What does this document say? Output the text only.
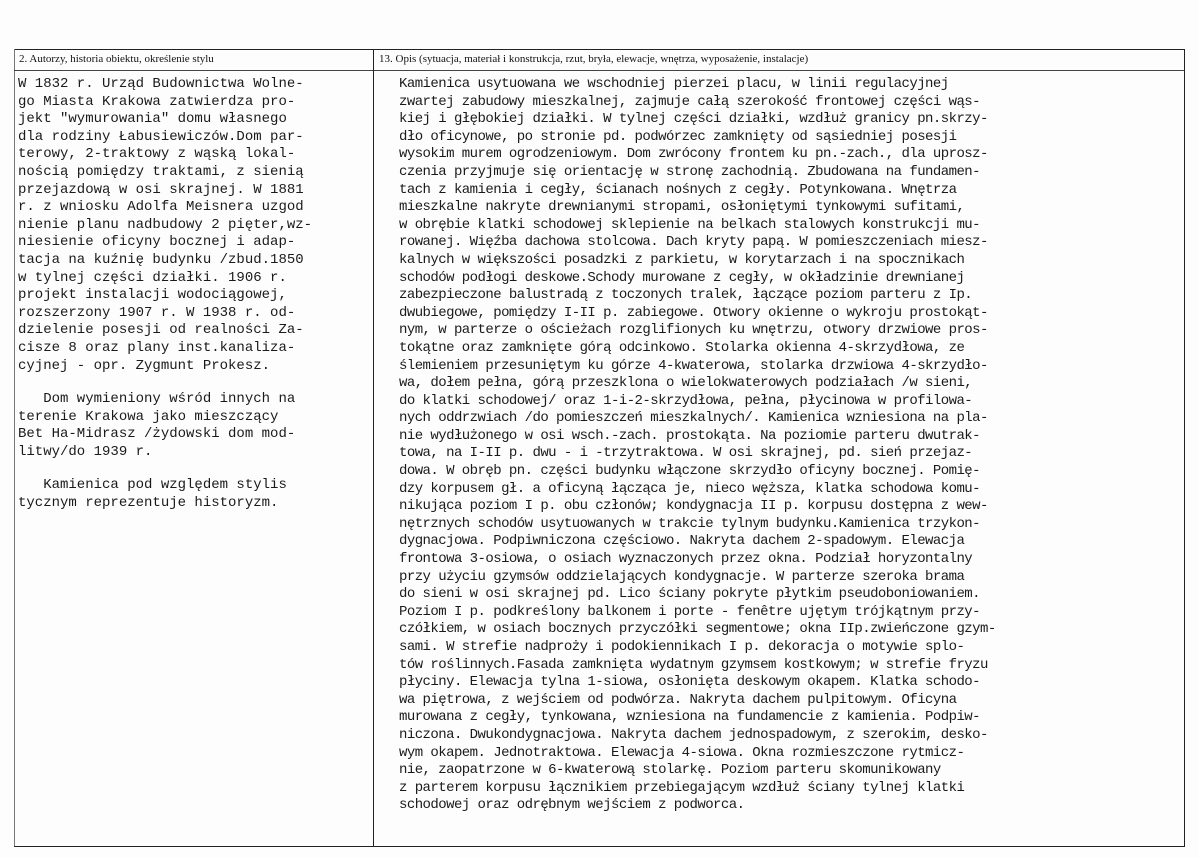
2. Autorzy, historia obiektu, określenie stylu	13. Opis (sytuacja, materiał i konstrukcja, rzut, bryła, elewacje, wnętrza, wyposażenie, instalacje)
W 1832 r. Urząd Budownictwa Wolne-
go Miasta Krakowa zatwierdza pro-
jekt "wymurowania" domu własnego
dla rodziny Łabusiewiczów.Dom par-
terowy, 2-traktowy z wąską lokal-
nością pomiędzy traktami, z sienią
przejazdową w osi skrajnej. W 1881
r. z wniosku Adolfa Meisnera uzgod
nienie planu nadbudowy 2 pięter,wz-
niesienie oficyny bocznej i adap-
tacja na kuźnię budynku /zbud.1850
w tylnej części działki. 1906 r.
projekt instalacji wodociągowej,
rozszerzony 1907 r. W 1938 r. od-
dzielenie posesji od realności Za-
cisze 8 oraz plany inst.kanaliza-
cyjnej - opr. Zygmunt Prokesz.
Dom wymieniony wśród innych na
terenie Krakowa jako mieszczący
Bet Ha-Midrasz /żydowski dom mod-
litwy/do 1939 r.
Kamienica pod względem stylis
tycznym reprezentuje historyzm.
Kamienica usytuowana we wschodniej pierzei placu, w linii regulacyjnej
zwartej zabudowy mieszkalnej, zajmuje całą szerokość frontowej części wąs-
kiej i głębokiej działki. W tylnej części działki, wzdłuż granicy pn.skrzy-
dło oficynowe, po stronie pd. podwórzec zamknięty od sąsiedniej posesji
wysokim murem ogrodzeniowym. Dom zwrócony frontem ku pn.-zach., dla uprosz-
czenia przyjmuje się orientację w stronę zachodnią. Zbudowana na fundamen-
tach z kamienia i cegły, ścianach nośnych z cegły. Potynkowana. Wnętrza
mieszkalne nakryte drewnianymi stropami, osłoniętymi tynkowymi sufitami,
w obrębie klatki schodowej sklepienie na belkach stalowych konstrukcji mu-
rowanej. Więźba dachowa stolcowa. Dach kryty papą. W pomieszczeniach miesz-
kalnych w większości posadzki z parkietu, w korytarzach i na spocznikach
schodów podłogi deskowe.Schody murowane z cegły, w okładzinie drewnianej
zabezpieczone balustradą z toczonych tralek, łączące poziom parteru z Ip.
dwubiegowe, pomiędzy I-II p. zabiegowe. Otwory okienne o wykroju prostokąt-
nym, w parterze o ościeżach rozglifionych ku wnętrzu, otwory drzwiowe pros-
tokątne oraz zamknięte górą odcinkowo. Stolarka okienna 4-skrzydłowa, ze
ślemieniem przesuniętym ku górze 4-kwaterowa, stolarka drzwiowa 4-skrzydło-
wa, dołem pełna, górą przeszklona o wielokwaterowych podziałach /w sieni,
do klatki schodowej/ oraz 1-i-2-skrzydłowa, pełna, płycinowa w profilowa-
nych oddrzwiach /do pomieszczeń mieszkalnych/. Kamienica wzniesiona na pla-
nie wydłużonego w osi wsch.-zach. prostokąta. Na poziomie parteru dwutrak-
towa, na I-II p. dwu - i -trzytraktowa. W osi skrajnej, pd. sień przejaz-
dowa. W obręb pn. części budynku włączone skrzydło oficyny bocznej. Pomię-
dzy korpusem gł. a oficyną łącząca je, nieco węższa, klatka schodowa komu-
nikująca poziom I p. obu członów; kondygnacja II p. korpusu dostępna z wew-
nętrznych schodów usytuowanych w trakcie tylnym budynku.Kamienica trzykon-
dygnacjowa. Podpiwniczona częściowo. Nakryta dachem 2-spadowym. Elewacja
frontowa 3-osiowa, o osiach wyznaczonych przez okna. Podział horyzontalny
przy użyciu gzymsów oddzielających kondygnacje. W parterze szeroka brama
do sieni w osi skrajnej pd. Lico ściany pokryte płytkim pseudoboniowaniem.
Poziom I p. podkreślony balkonem i porte - fenêtre ujętym trójkątnym przy-
czółkiem, w osiach bocznych przyczółki segmentowe; okna IIp.zwieńczone gzym-
sami. W strefie nadproży i podokiennikach I p. dekoracja o motywie splo-
tów roślinnych.Fasada zamknięta wydatnym gzymsem kostkowym; w strefie fryzu
płyciny. Elewacja tylna 1-siowa, osłonięta deskowym okapem. Klatka schodo-
wa piętrowa, z wejściem od podwórza. Nakryta dachem pulpitowym. Oficyna
murowana z cegły, tynkowana, wzniesiona na fundamencie z kamienia. Podpiw-
niczona. Dwukondygnacjowa. Nakryta dachem jednospadowym, z szerokim, desko-
wym okapem. Jednotraktowa. Elewacja 4-siowa. Okna rozmieszczone rytmicz-
nie, zaopatrzone w 6-kwaterową stolarkę. Poziom parteru skomunikowany
z parterem korpusu łącznikiem przebiegającym wzdłuż ściany tylnej klatki
schodowej oraz odrębnym wejściem z podworca.
